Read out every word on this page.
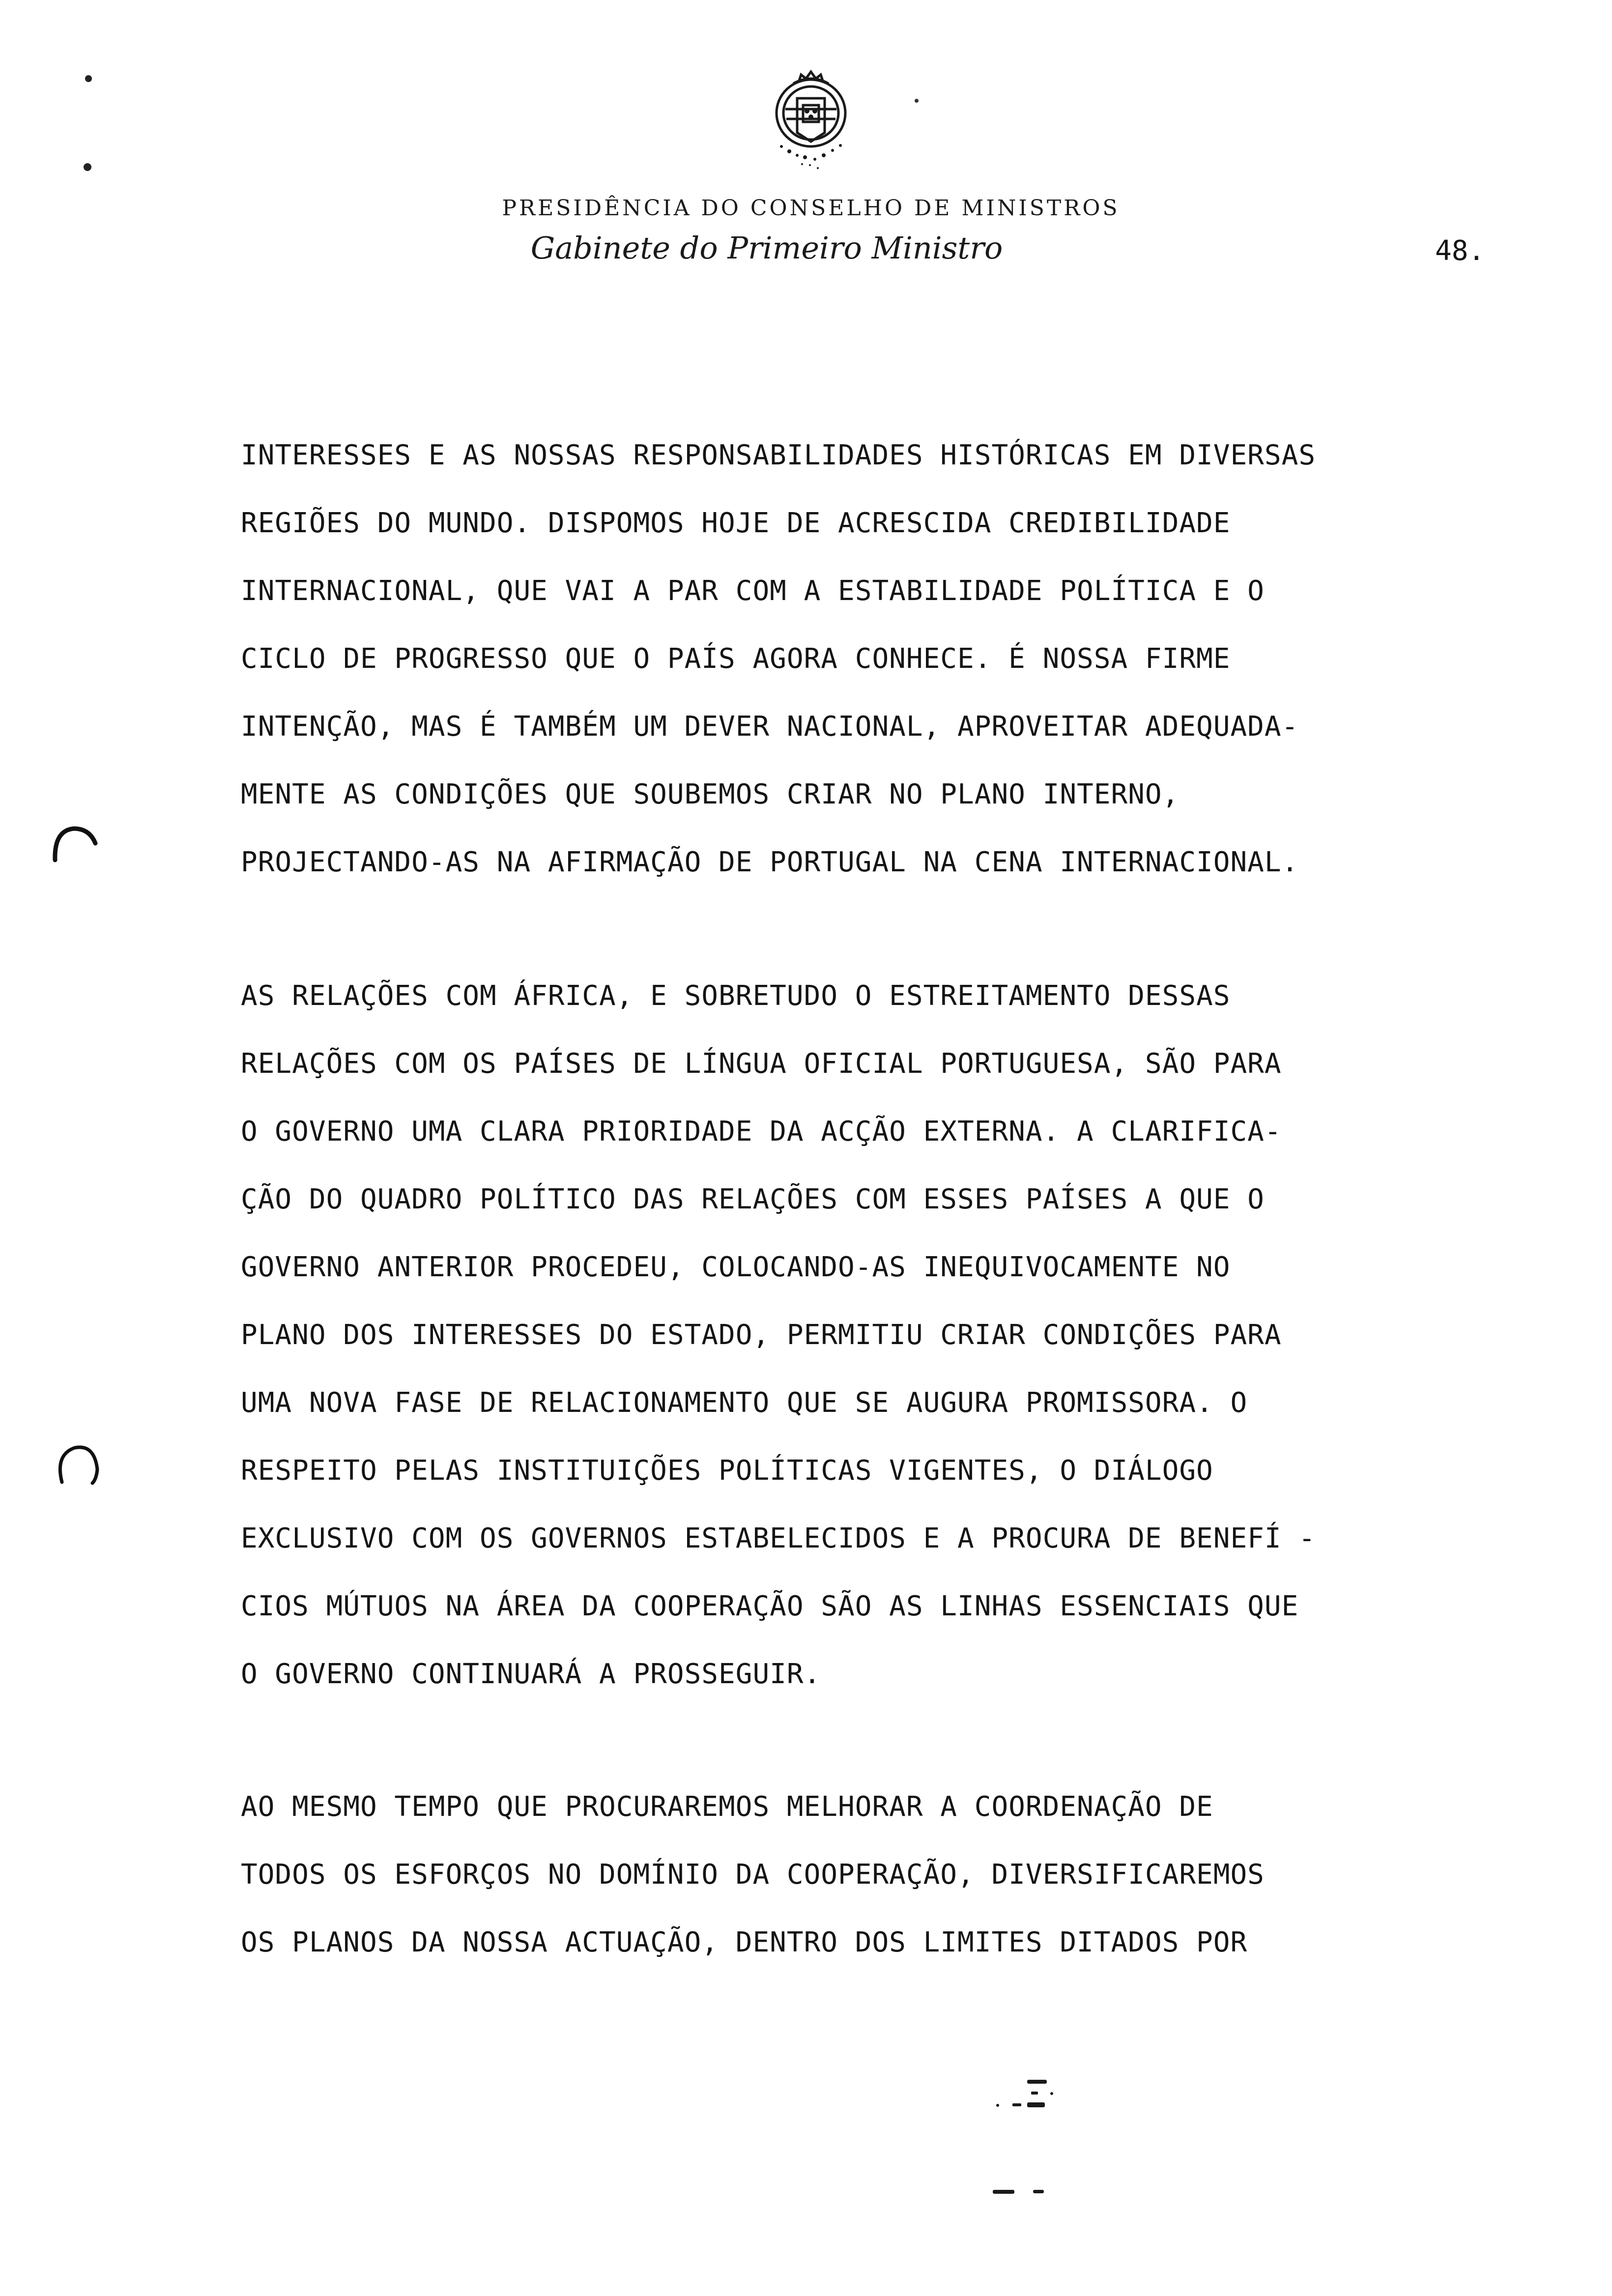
PRESIDÊNCIA DO CONSELHO DE MINISTROS
Gabinete do Primeiro Ministro	48.
INTERESSES E AS NOSSAS RESPONSABILIDADES HISTÓRICAS EM DIVERSAS
REGIÕES DO MUNDO. DISPOMOS HOJE DE ACRESCIDA CREDIBILIDADE
INTERNACIONAL, QUE VAI A PAR COM A ESTABILIDADE POLÍTICA E O
CICLO DE PROGRESSO QUE O PAÍS AGORA CONHECE. É NOSSA FIRME
INTENÇÃO, MAS É TAMBÉM UM DEVER NACIONAL, APROVEITAR ADEQUADA-
MENTE AS CONDIÇÕES QUE SOUBEMOS CRIAR NO PLANO INTERNO,
PROJECTANDO-AS NA AFIRMAÇÃO DE PORTUGAL NA CENA INTERNACIONAL.
AS RELAÇÕES COM ÁFRICA, E SOBRETUDO O ESTREITAMENTO DESSAS
RELAÇÕES COM OS PAÍSES DE LÍNGUA OFICIAL PORTUGUESA, SÃO PARA
O GOVERNO UMA CLARA PRIORIDADE DA ACÇÃO EXTERNA. A CLARIFICA-
ÇÃO DO QUADRO POLÍTICO DAS RELAÇÕES COM ESSES PAÍSES A QUE O
GOVERNO ANTERIOR PROCEDEU, COLOCANDO-AS INEQUIVOCAMENTE NO
PLANO DOS INTERESSES DO ESTADO, PERMITIU CRIAR CONDIÇÕES PARA
UMA NOVA FASE DE RELACIONAMENTO QUE SE AUGURA PROMISSORA. O
RESPEITO PELAS INSTITUIÇÕES POLÍTICAS VIGENTES, O DIÁLOGO
EXCLUSIVO COM OS GOVERNOS ESTABELECIDOS E A PROCURA DE BENEFÍ -
CIOS MÚTUOS NA ÁREA DA COOPERAÇÃO SÃO AS LINHAS ESSENCIAIS QUE
O GOVERNO CONTINUARÁ A PROSSEGUIR.
AO MESMO TEMPO QUE PROCURAREMOS MELHORAR A COORDENAÇÃO DE
TODOS OS ESFORÇOS NO DOMÍNIO DA COOPERAÇÃO, DIVERSIFICAREMOS
OS PLANOS DA NOSSA ACTUAÇÃO, DENTRO DOS LIMITES DITADOS POR
